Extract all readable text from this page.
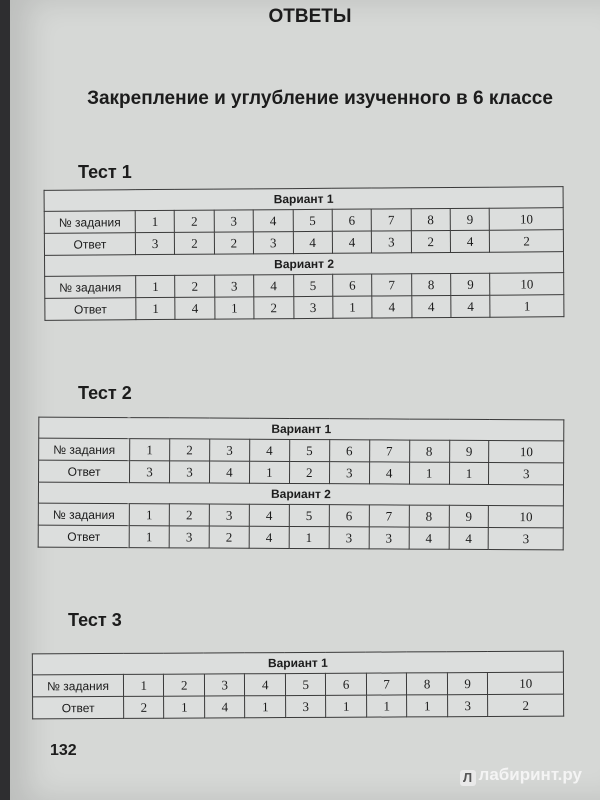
ОТВЕТЫ
Закрепление и углубление изученного в 6 классе
Тест 1
Вариант 1										
№ задания	1	2	3	4	5	6	7	8	9	10
Ответ	3	2	2	3	4	4	3	2	4	2
Вариант 2										
№ задания	1	2	3	4	5	6	7	8	9	10
Ответ	1	4	1	2	3	1	4	4	4	1
Тест 2
Вариант 1										
№ задания	1	2	3	4	5	6	7	8	9	10
Ответ	3	3	4	1	2	3	4	1	1	3
Вариант 2										
№ задания	1	2	3	4	5	6	7	8	9	10
Ответ	1	3	2	4	1	3	3	4	4	3
Тест 3
Вариант 1										
№ задания	1	2	3	4	5	6	7	8	9	10
Ответ	2	1	4	1	3	1	1	1	3	2
132
Л лабиринт.ру
